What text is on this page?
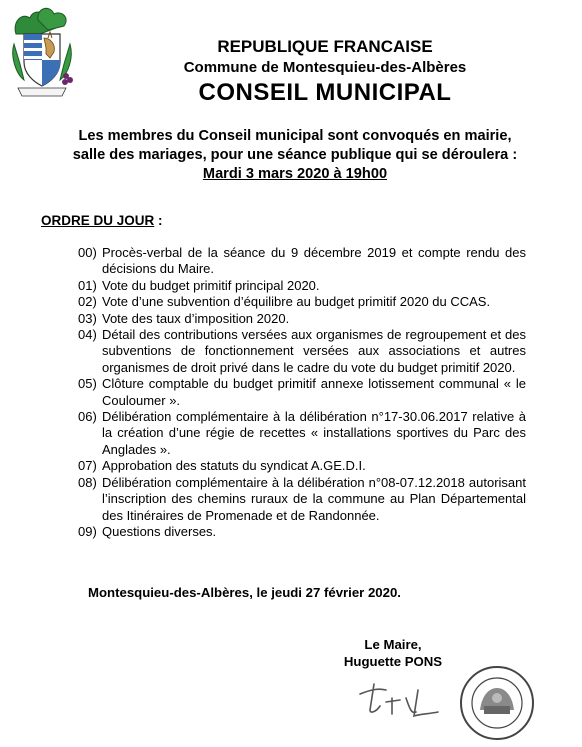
REPUBLIQUE FRANCAISE
Commune de Montesquieu-des-Albères
CONSEIL MUNICIPAL
Les membres du Conseil municipal sont convoqués en mairie,
salle des mariages, pour une séance publique qui se déroulera :
Mardi 3 mars 2020 à 19h00
ORDRE DU JOUR :
00) Procès-verbal de la séance du 9 décembre 2019 et compte rendu des décisions du Maire.
01) Vote du budget primitif principal 2020.
02) Vote d’une subvention d’équilibre au budget primitif 2020 du CCAS.
03) Vote des taux d’imposition 2020.
04) Détail des contributions versées aux organismes de regroupement et des subventions de fonctionnement versées aux associations et autres organismes de droit privé dans le cadre du vote du budget primitif 2020.
05) Clôture comptable du budget primitif annexe lotissement communal « le Couloumer ».
06) Délibération complémentaire à la délibération n°17-30.06.2017 relative à la création d’une régie de recettes « installations sportives du Parc des Anglades ».
07) Approbation des statuts du syndicat A.GE.D.I.
08) Délibération complémentaire à la délibération n°08-07.12.2018 autorisant l’inscription des chemins ruraux de la commune au Plan Départemental des Itinéraires de Promenade et de Randonnée.
09) Questions diverses.
Montesquieu-des-Albères, le jeudi 27 février 2020.
Le Maire,
Huguette PONS
